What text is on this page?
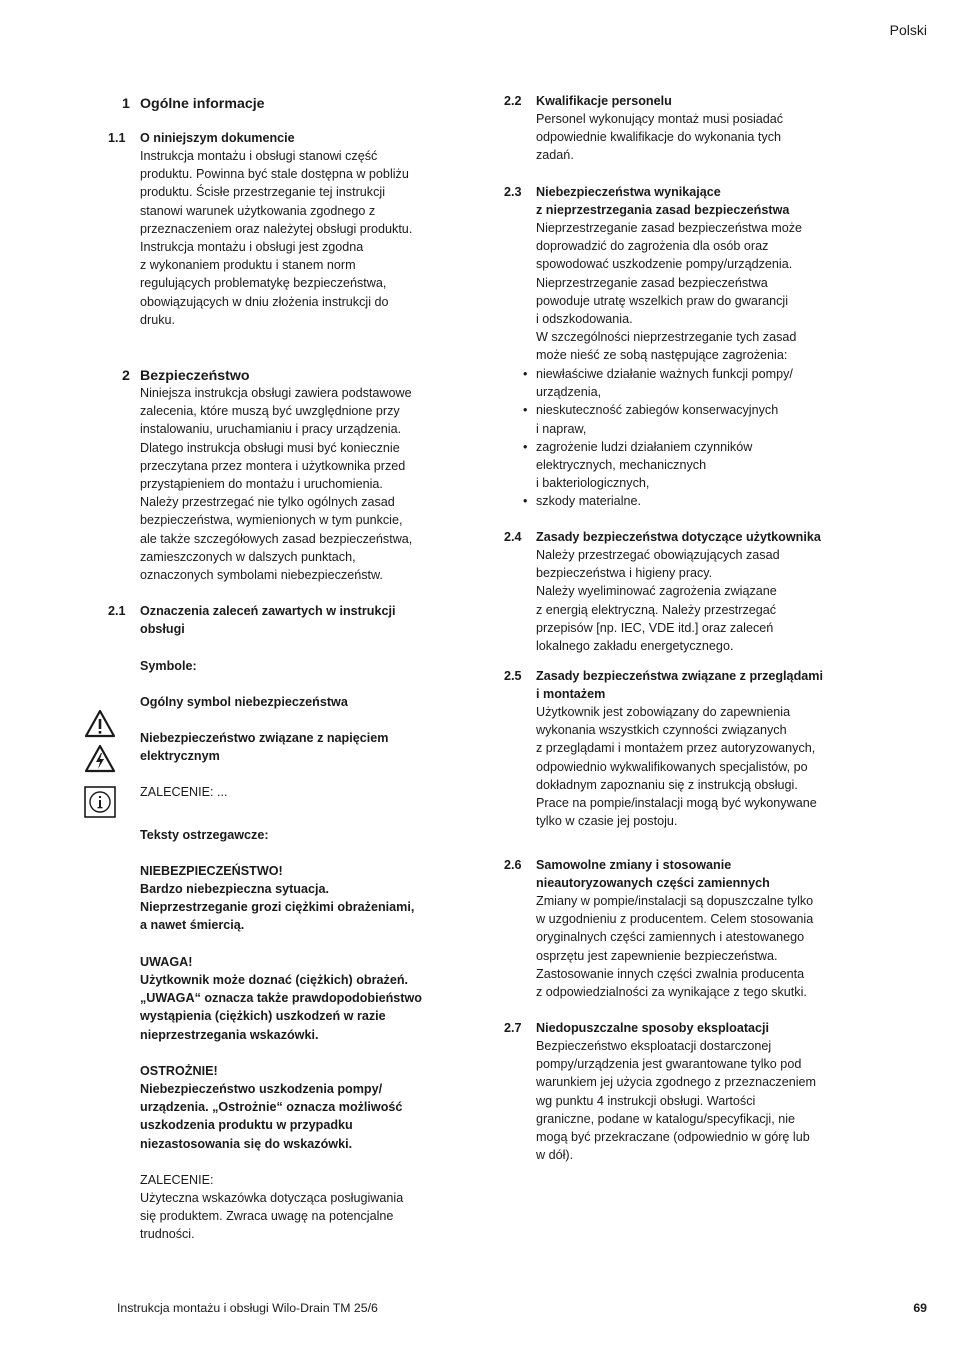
Polski
1 Ogólne informacje
1.1 O niniejszym dokumencie
Instrukcja montażu i obsługi stanowi część
produktu. Powinna być stale dostępna w pobliżu
produktu. Ścisłe przestrzeganie tej instrukcji
stanowi warunek użytkowania zgodnego z
przeznaczeniem oraz należytej obsługi produktu.
Instrukcja montażu i obsługi jest zgodna
z wykonaniem produktu i stanem norm
regulujących problematykę bezpieczeństwa,
obowiązujących w dniu złożenia instrukcji do
druku.
2 Bezpieczeństwo
Niniejsza instrukcja obsługi zawiera podstawowe
zalecenia, które muszą być uwzględnione przy
instalowaniu, uruchamianiu i pracy urządzenia.
Dlatego instrukcja obsługi musi być koniecznie
przeczytana przez montera i użytkownika przed
przystąpieniem do montażu i uruchomienia.
Należy przestrzegać nie tylko ogólnych zasad
bezpieczeństwa, wymienionych w tym punkcie,
ale także szczegółowych zasad bezpieczeństwa,
zamieszczonych w dalszych punktach,
oznaczonych symbolami niebezpieczeństw.
2.1 Oznaczenia zaleceń zawartych w instrukcji
obsługi
Symbole:
Ogólny symbol niebezpieczeństwa
Niebezpieczeństwo związane z napięciem
elektrycznym
ZALECENIE: ...
Teksty ostrzegawcze:
NIEBEZPIECZEŃSTWO!
Bardzo niebezpieczna sytuacja.
Nieprzestrzeganie grozi ciężkimi obrażeniami,
a nawet śmiercią.
UWAGA!
Użytkownik może doznać (ciężkich) obrażeń.
„UWAGA“ oznacza także prawdopodobieństwo
wystąpienia (ciężkich) uszkodzeń w razie
nieprzestrzegania wskazówki.
OSTROŻNIE!
Niebezpieczeństwo uszkodzenia pompy/
urządzenia. „Ostrożnie“ oznacza możliwość
uszkodzenia produktu w przypadku
niezastosowania się do wskazówki.
ZALECENIE:
Użyteczna wskazówka dotycząca posługiwania
się produktem. Zwraca uwagę na potencjalne
trudności.
2.2 Kwalifikacje personelu
Personel wykonujący montaż musi posiadać
odpowiednie kwalifikacje do wykonania tych
zadań.
2.3 Niebezpieczeństwa wynikające
z nieprzestrzegania zasad bezpieczeństwa
Nieprzestrzeganie zasad bezpieczeństwa może
doprowadzić do zagrożenia dla osób oraz
spowodować uszkodzenie pompy/urządzenia.
Nieprzestrzeganie zasad bezpieczeństwa
powoduje utratę wszelkich praw do gwarancji
i odszkodowania.
W szczególności nieprzestrzeganie tych zasad
może nieść ze sobą następujące zagrożenia:
• niewłaściwe działanie ważnych funkcji pompy/
urządzenia,
• nieskuteczność zabiegów konserwacyjnych
i napraw,
• zagrożenie ludzi działaniem czynników
elektrycznych, mechanicznych
i bakteriologicznych,
• szkody materialne.
2.4 Zasady bezpieczeństwa dotyczące użytkownika
Należy przestrzegać obowiązujących zasad
bezpieczeństwa i higieny pracy.
Należy wyeliminować zagrożenia związane
z energią elektryczną. Należy przestrzegać
przepisów [np. IEC, VDE itd.] oraz zaleceń
lokalnego zakładu energetycznego.
2.5 Zasady bezpieczeństwa związane z przeglądami
i montażem
Użytkownik jest zobowiązany do zapewnienia
wykonania wszystkich czynności związanych
z przeglądami i montażem przez autoryzowanych,
odpowiednio wykwalifikowanych specjalistów, po
dokładnym zapoznaniu się z instrukcją obsługi.
Prace na pompie/instalacji mogą być wykonywane
tylko w czasie jej postoju.
2.6 Samowolne zmiany i stosowanie
nieautoryzowanych części zamiennych
Zmiany w pompie/instalacji są dopuszczalne tylko
w uzgodnieniu z producentem. Celem stosowania
oryginalnych części zamiennych i atestowanego
osprzętu jest zapewnienie bezpieczeństwa.
Zastosowanie innych części zwalnia producenta
z odpowiedzialności za wynikające z tego skutki.
2.7 Niedopuszczalne sposoby eksploatacji
Bezpieczeństwo eksploatacji dostarczonej
pompy/urządzenia jest gwarantowane tylko pod
warunkiem jej użycia zgodnego z przeznaczeniem
wg punktu 4 instrukcji obsługi. Wartości
graniczne, podane w katalogu/specyfikacji, nie
mogą być przekraczane (odpowiednio w górę lub
w dół).
Instrukcja montażu i obsługi Wilo-Drain TM 25/6	69
